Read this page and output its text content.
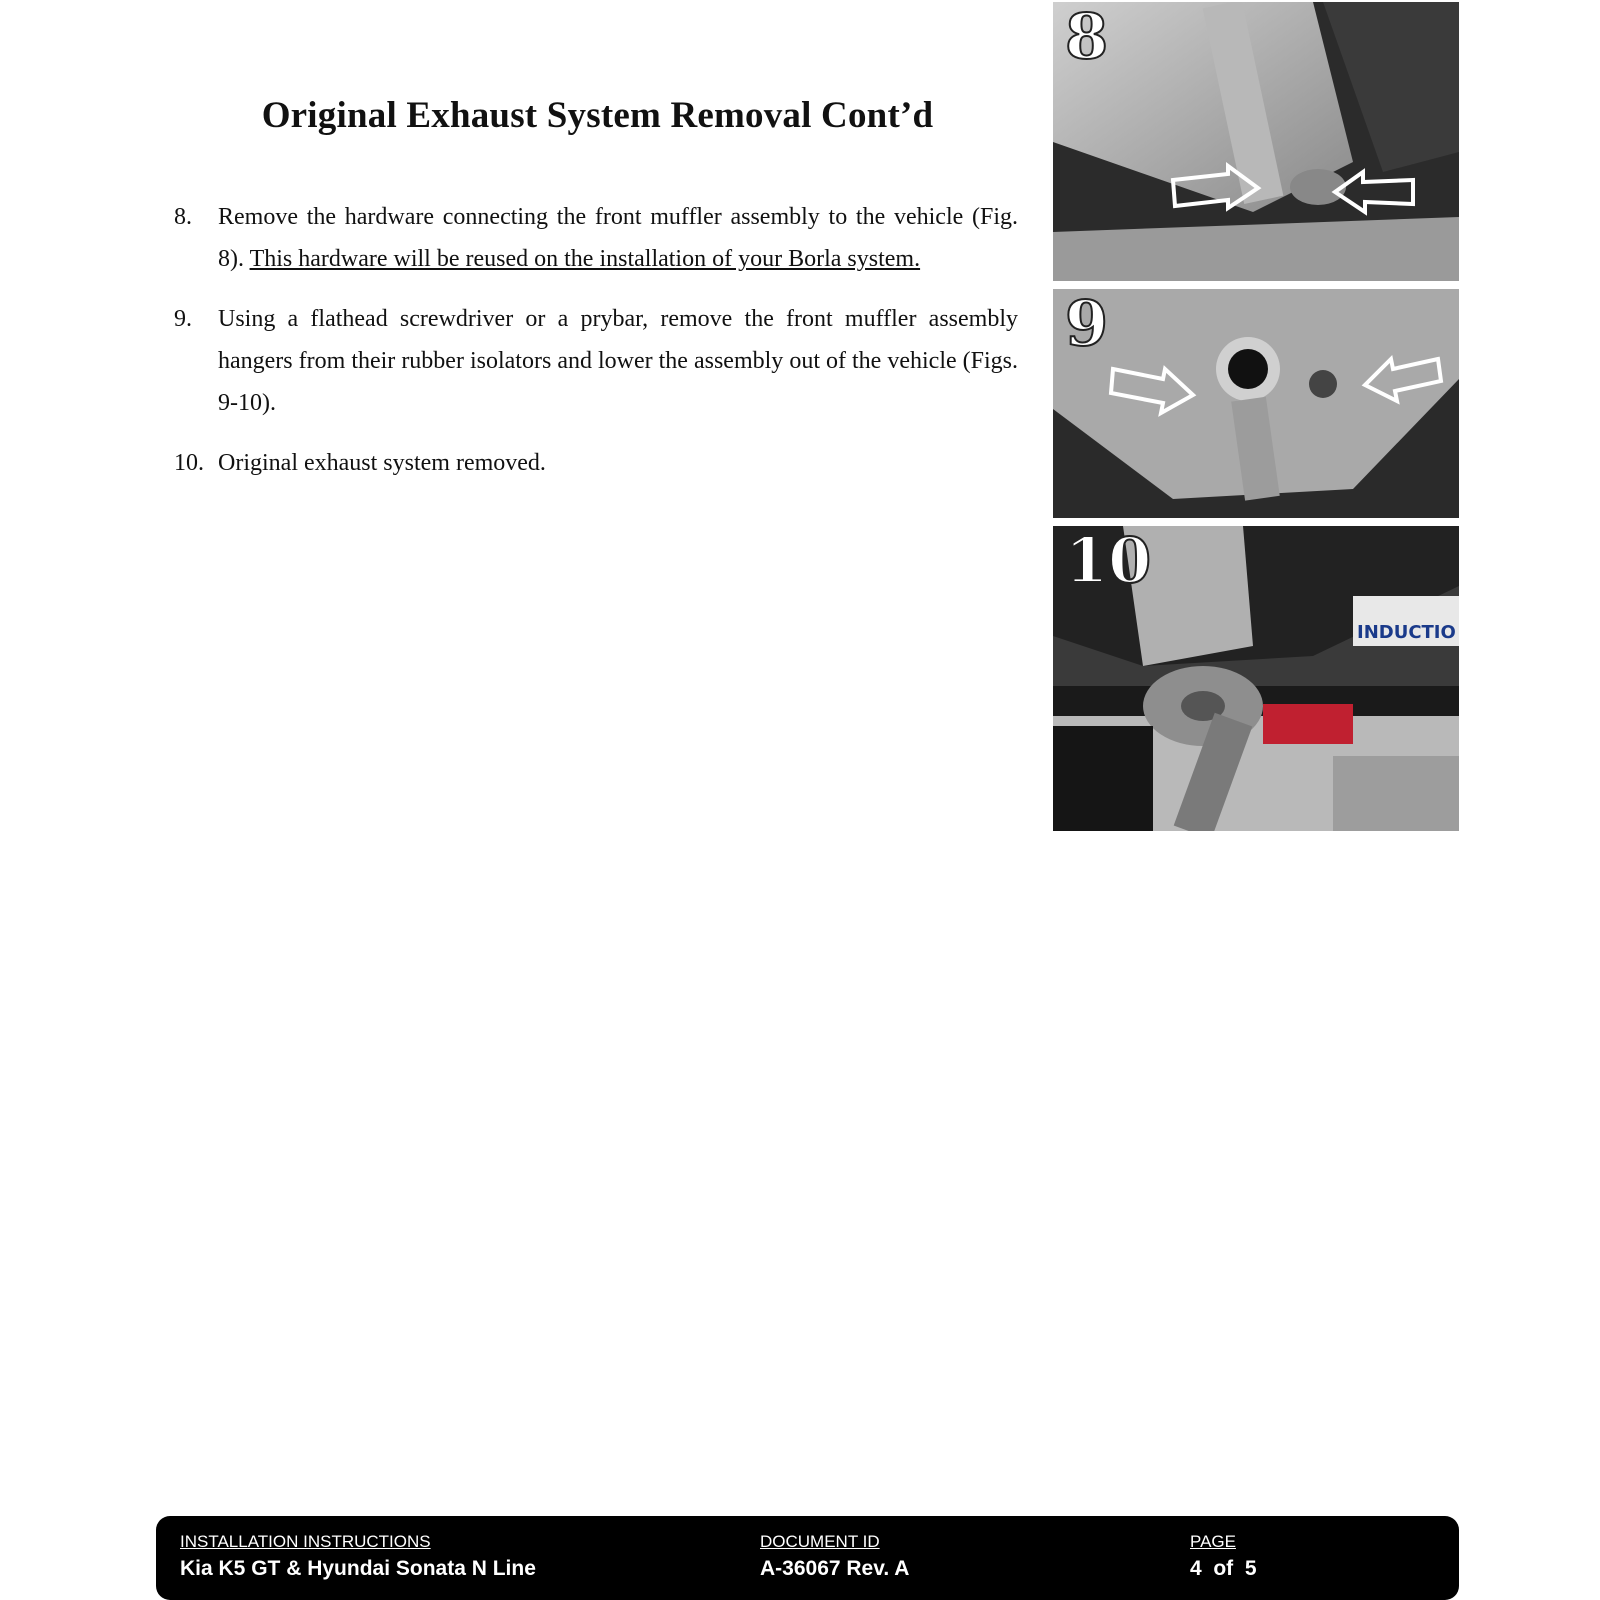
Original Exhaust System Removal Cont’d
8.	Remove the hardware connecting the front muffler assembly to the vehicle (Fig. 8). This hardware will be reused on the installation of your Borla system.
9.	Using a flathead screwdriver or a prybar, remove the front muffler assembly hangers from their rubber isolators and lower the assembly out of the vehicle (Figs. 9-10).
10. Original exhaust system removed.
8
9
INDUCTIO
10
INSTALLATION INSTRUCTIONS
Kia K5 GT & Hyundai Sonata N Line
DOCUMENT ID
A-36067 Rev. A
PAGE
4  of  5
